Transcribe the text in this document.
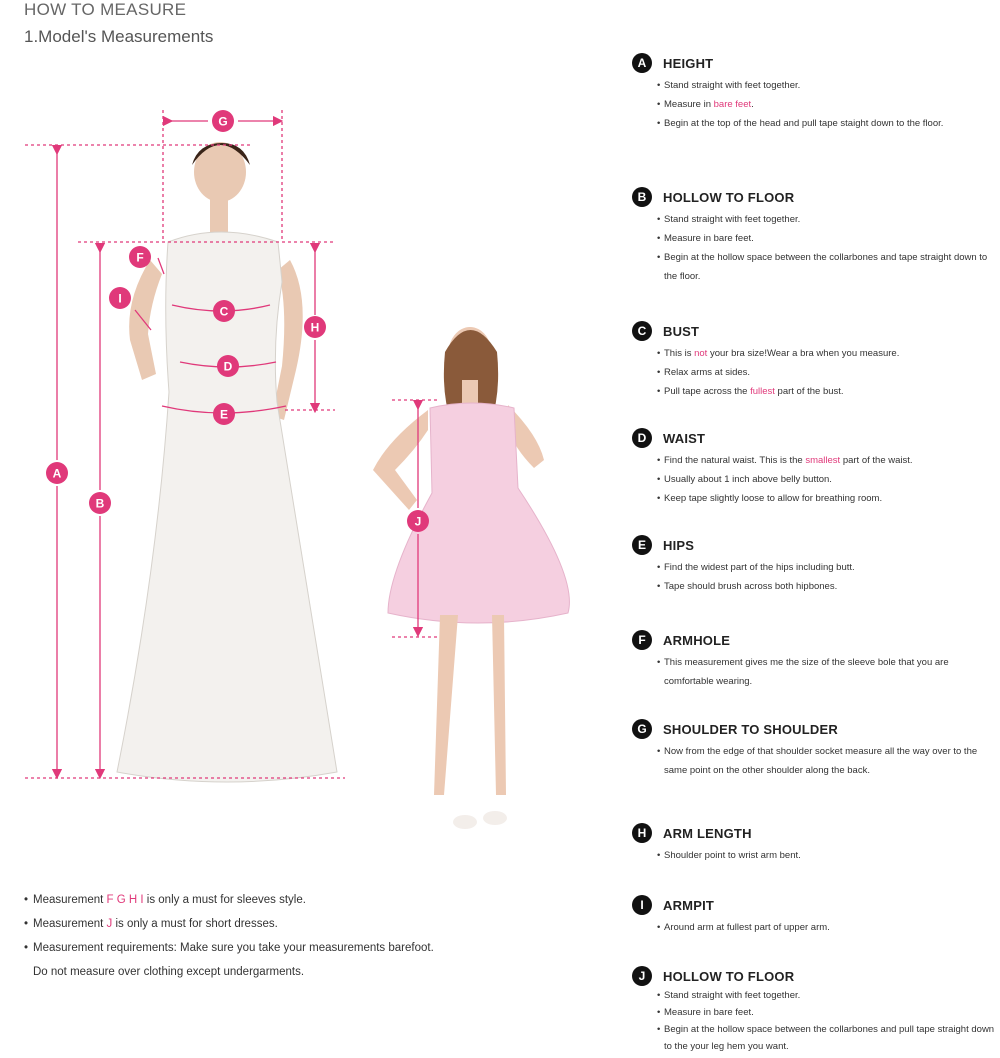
HOW TO MEASURE
1.Model's Measurements
G
F
I
C
H
D
E
A
B
J
A	HEIGHT
• Stand straight with feet together.
• Measure in bare feet.
• Begin at the top of the head and pull tape staight down to the floor.
B	HOLLOW TO FLOOR
• Stand straight with feet together.
• Measure in bare feet.
• Begin at the hollow space between the collarbones and tape straight down to the floor.
C	BUST
• This is not your bra size!Wear a bra when you measure.
• Relax arms at sides.
• Pull tape across the fullest part of the bust.
D	WAIST
• Find the natural waist. This is the smallest part of the waist.
• Usually about 1 inch above belly button.
• Keep tape slightly loose to allow for breathing room.
E	HIPS
• Find the widest part of the hips including butt.
• Tape should brush across both hipbones.
F	ARMHOLE
• This measurement gives me the size of the sleeve bole that you are comfortable wearing.
G	SHOULDER TO SHOULDER
• Now from the edge of that shoulder socket measure all the way over to the same point on the other shoulder along the back.
H	ARM LENGTH
• Shoulder point to wrist arm bent.
I	ARMPIT
• Around arm at fullest part of upper arm.
J	HOLLOW TO FLOOR
• Stand straight with feet together.
• Measure in bare feet.
• Begin at the hollow space between the collarbones and pull tape straight down to the your leg hem you want.
• Measurement F G H I is only a must for sleeves style.
• Measurement J is only a must for short dresses.
• Measurement requirements: Make sure you take your measurements barefoot.
Do not measure over clothing except undergarments.
